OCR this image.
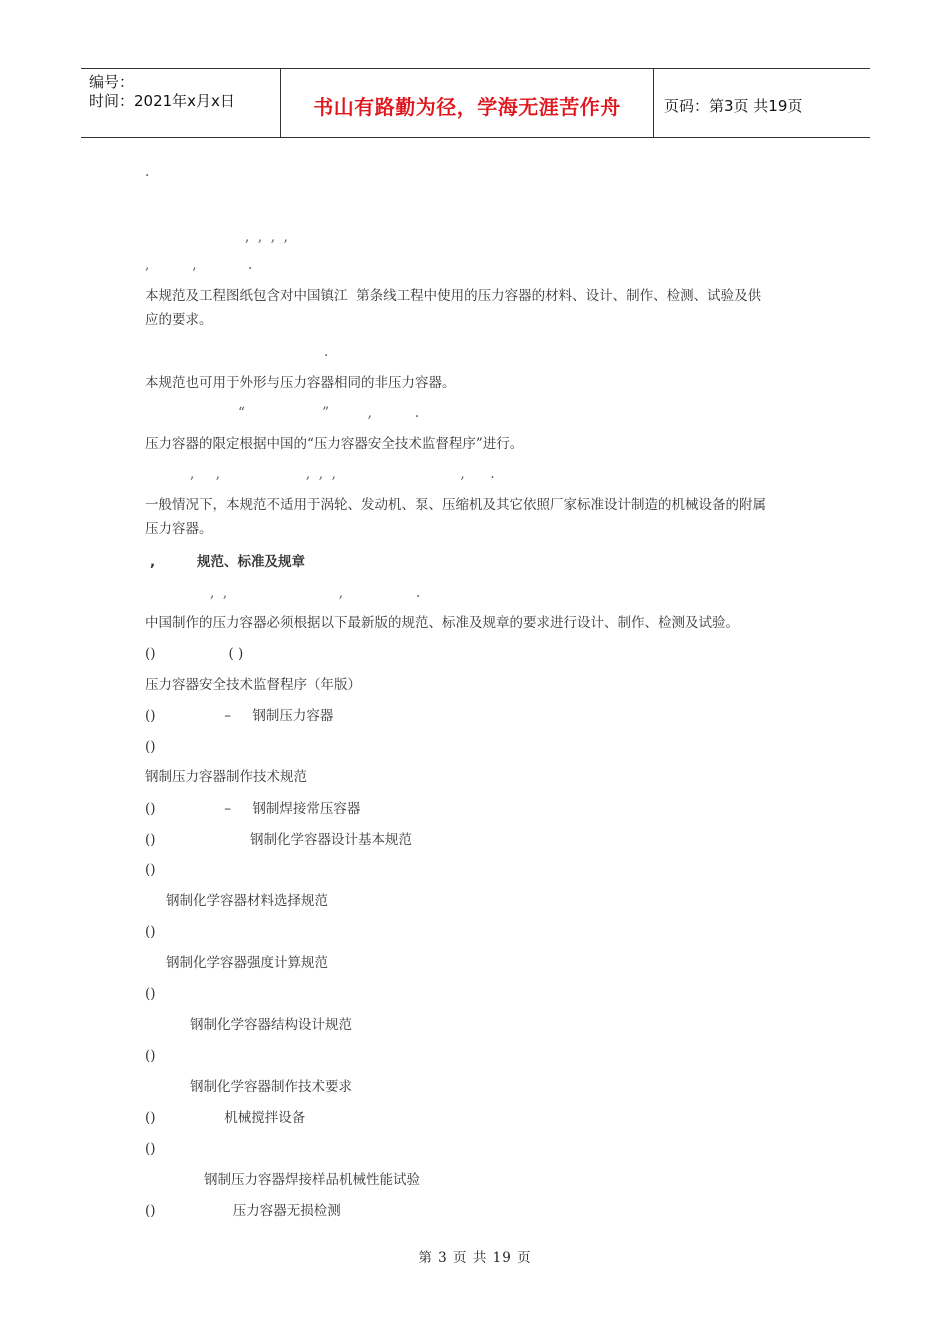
编号：
时间：2021年x月x日	书山有路勤为径，学海无涯苦作舟	页码：第3页 共19页
.
,  ,  ,  ,
,          ,            .
本规范及工程图纸包含对中国镇江  第条线工程中使用的压力容器的材料、设计、制作、检测、试验及供
应的要求。
.
本规范也可用于外形与压力容器相同的非压力容器。
“                  ”         ,          .
压力容器的限定根据中国的“压力容器安全技术监督程序”进行。
,     ,                    ,  ,  ,                             ,      .
一般情况下，本规范不适用于涡轮、发动机、泵、压缩机及其它依照厂家标准设计制造的机械设备的附属
压力容器。
,	规范、标准及规章
,  ,                          ,                 .
中国制作的压力容器必须根据以下最新版的规范、标准及规章的要求进行设计、制作、检测及试验。
()                 ( )
压力容器安全技术监督程序（年版）
()                –     钢制压力容器
()
钢制压力容器制作技术规范
()                –     钢制焊接常压容器
()                      钢制化学容器设计基本规范
()
钢制化学容器材料选择规范
()
钢制化学容器强度计算规范
()
钢制化学容器结构设计规范
()
钢制化学容器制作技术要求
()                机械搅拌设备
()
钢制压力容器焊接样品机械性能试验
()                  压力容器无损检测
第 3 页 共 19 页
